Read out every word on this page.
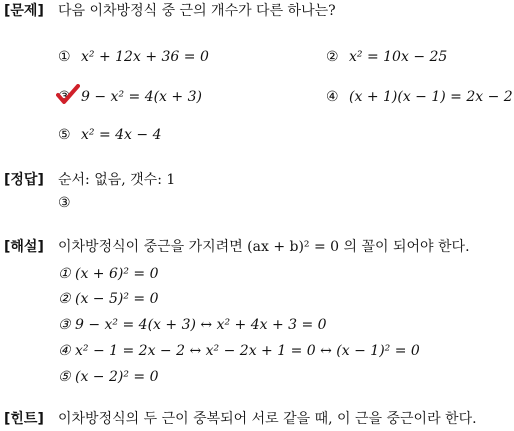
[문제] 다음 이차방정식 중 근의 개수가 다른 하나는?
① x² + 12x + 36 = 0	② x² = 10x − 25
③ 9 − x² = 4(x + 3)	④ (x + 1)(x − 1) = 2x − 2
⑤ x² = 4x − 4
[정답] 순서: 없음, 갯수: 1
③
[해설] 이차방정식이 중근을 가지려면 (ax + b)² = 0 의 꼴이 되어야 한다.
① (x + 6)² = 0
② (x − 5)² = 0
③ 9 − x² = 4(x + 3) ↔ x² + 4x + 3 = 0
④ x² − 1 = 2x − 2 ↔ x² − 2x + 1 = 0 ↔ (x − 1)² = 0
⑤ (x − 2)² = 0
[힌트] 이차방정식의 두 근이 중복되어 서로 같을 때, 이 근을 중근이라 한다.
